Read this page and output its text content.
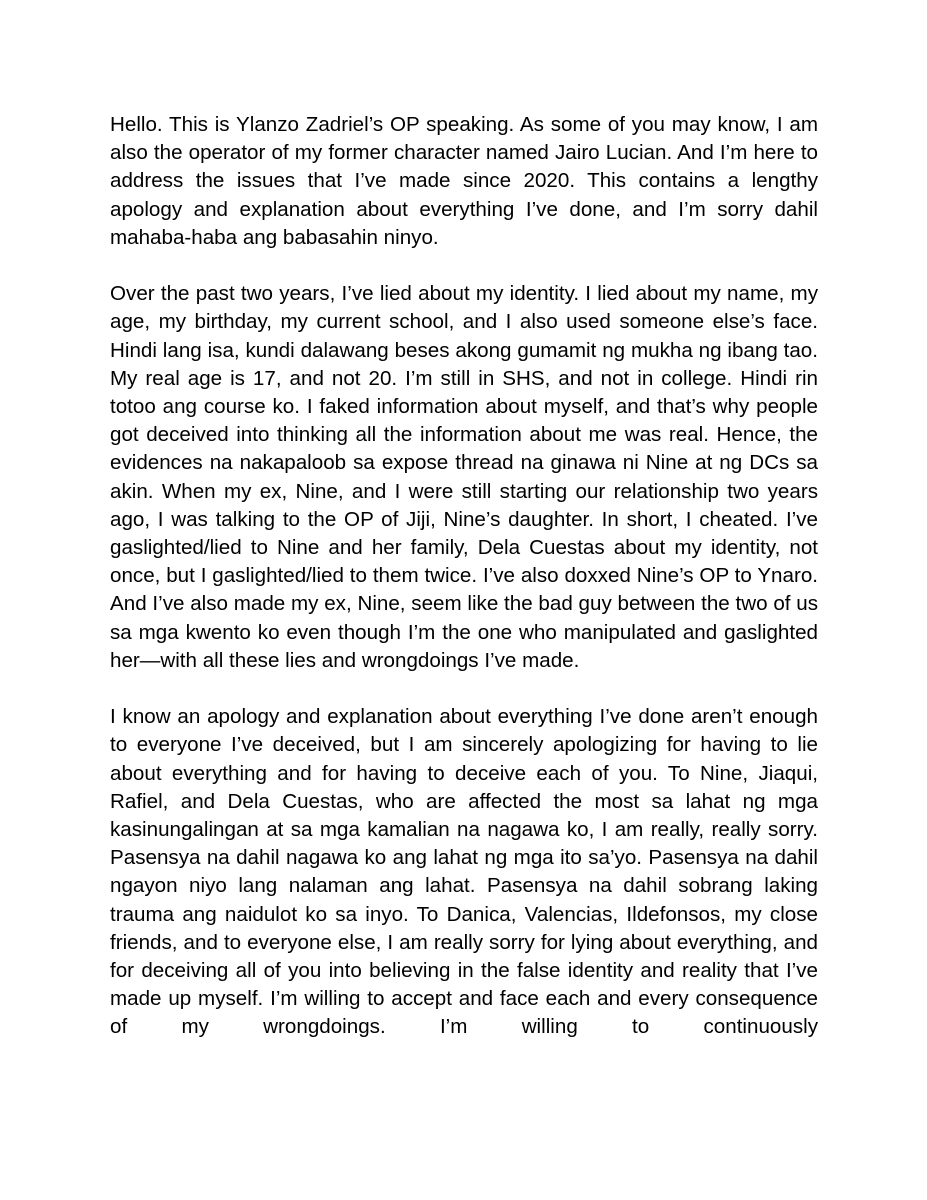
Hello. This is Ylanzo Zadriel’s OP speaking. As some of you may know, I am also the operator of my former character named Jairo Lucian. And I’m here to address the issues that I’ve made since 2020. This contains a lengthy apology and explanation about everything I’ve done, and I’m sorry dahil mahaba-haba ang babasahin ninyo.

Over the past two years, I’ve lied about my identity. I lied about my name, my age, my birthday, my current school, and I also used someone else’s face. Hindi lang isa, kundi dalawang beses akong gumamit ng mukha ng ibang tao. My real age is 17, and not 20. I’m still in SHS, and not in college. Hindi rin totoo ang course ko. I faked information about myself, and that’s why people got deceived into thinking all the information about me was real. Hence, the evidences na nakapaloob sa expose thread na ginawa ni Nine at ng DCs sa akin. When my ex, Nine, and I were still starting our relationship two years ago, I was talking to the OP of Jiji, Nine’s daughter. In short, I cheated. I’ve gaslighted/lied to Nine and her family, Dela Cuestas about my identity, not once, but I gaslighted/lied to them twice. I’ve also doxxed Nine’s OP to Ynaro. And I’ve also made my ex, Nine, seem like the bad guy between the two of us sa mga kwento ko even though I’m the one who manipulated and gaslighted her—with all these lies and wrongdoings I’ve made.

I know an apology and explanation about everything I’ve done aren’t enough to everyone I’ve deceived, but I am sincerely apologizing for having to lie about everything and for having to deceive each of you. To Nine, Jiaqui, Rafiel, and Dela Cuestas, who are affected the most sa lahat ng mga kasinungalingan at sa mga kamalian na nagawa ko, I am really, really sorry. Pasensya na dahil nagawa ko ang lahat ng mga ito sa’yo. Pasensya na dahil ngayon niyo lang nalaman ang lahat. Pasensya na dahil sobrang laking trauma ang naidulot ko sa inyo. To Danica, Valencias, Ildefonsos, my close friends, and to everyone else, I am really sorry for lying about everything, and for deceiving all of you into believing in the false identity and reality that I’ve made up myself. I’m willing to accept and face each and every consequence of my wrongdoings. I’m willing to continuously
